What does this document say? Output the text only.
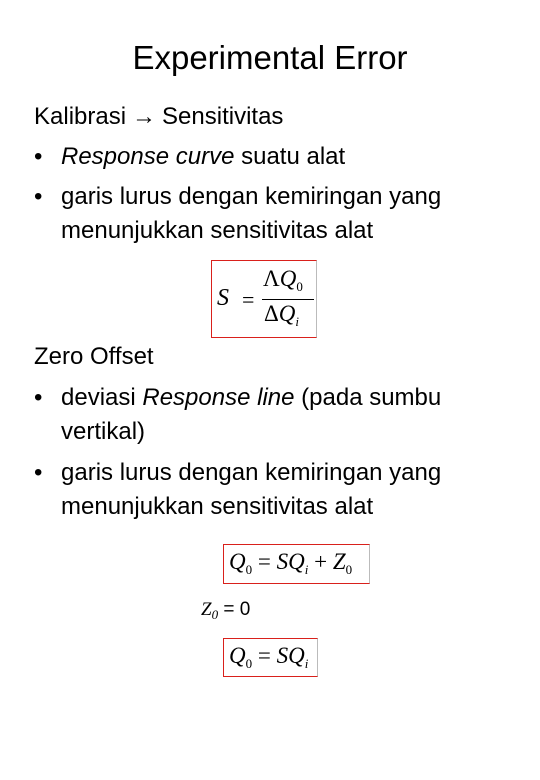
Experimental Error
Kalibrasi → Sensitivitas
• Response curve suatu alat
• garis lurus dengan kemiringan yang menunjukkan sensitivitas alat
S =
$\Lambda Q_0$
$\Delta Q_i$
Zero Offset
• deviasi Response line (pada sumbu vertikal)
• garis lurus dengan kemiringan yang menunjukkan sensitivitas alat
$Q_0 = SQ_i + Z_0$
$Z_0 = 0$
$Q_0 = SQ_i$
